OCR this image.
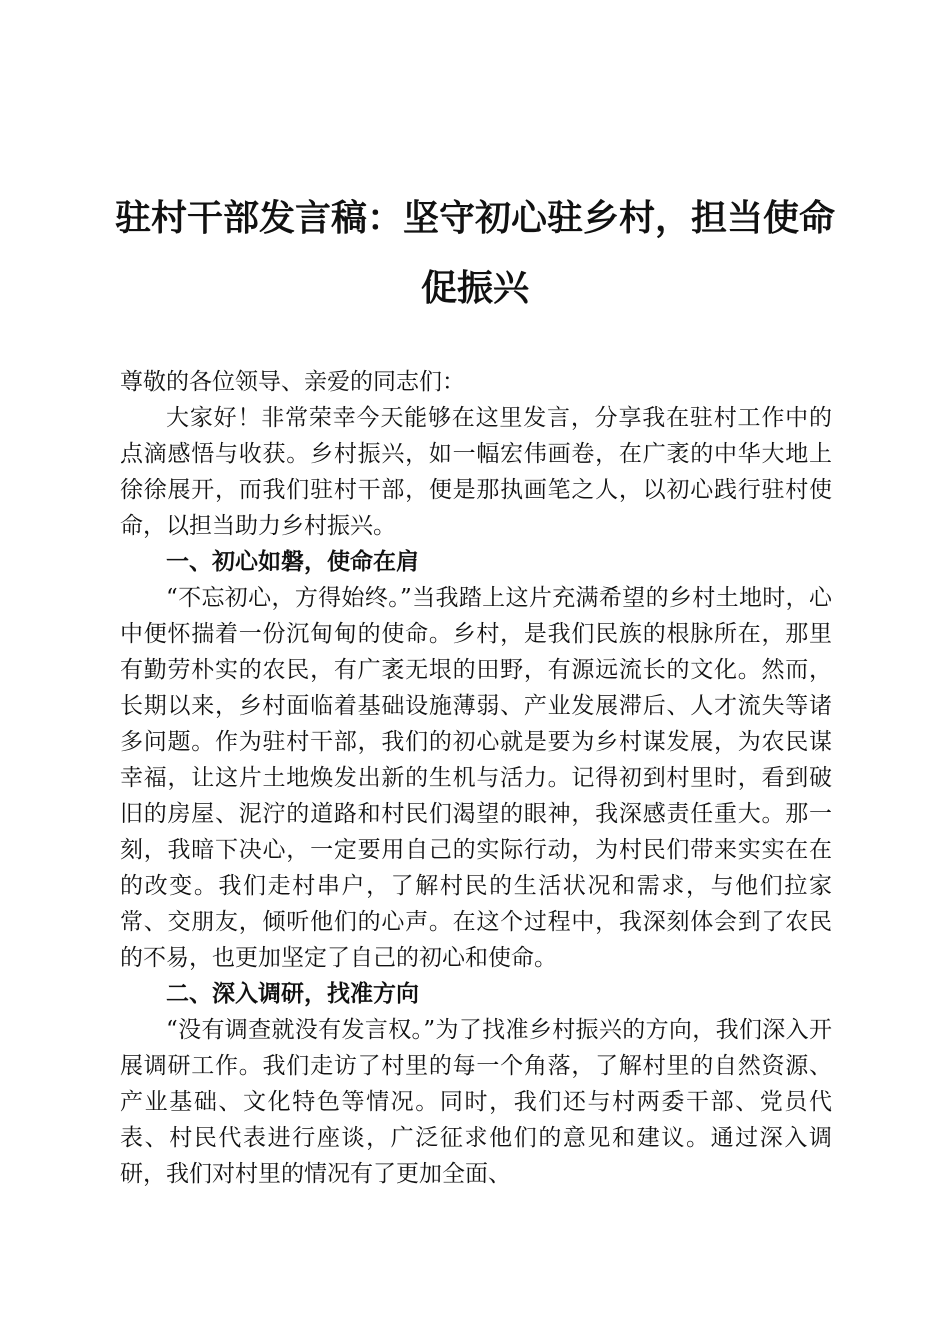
驻村干部发言稿：坚守初心驻乡村，担当使命
促振兴

尊敬的各位领导、亲爱的同志们：

大家好！非常荣幸今天能够在这里发言，分享我在驻村工作中的点滴感悟与收获。乡村振兴，如一幅宏伟画卷，在广袤的中华大地上徐徐展开，而我们驻村干部，便是那执画笔之人，以初心践行驻村使命，以担当助力乡村振兴。

一、初心如磐，使命在肩

“不忘初心，方得始终。”当我踏上这片充满希望的乡村土地时，心中便怀揣着一份沉甸甸的使命。乡村，是我们民族的根脉所在，那里有勤劳朴实的农民，有广袤无垠的田野，有源远流长的文化。然而，长期以来，乡村面临着基础设施薄弱、产业发展滞后、人才流失等诸多问题。作为驻村干部，我们的初心就是要为乡村谋发展，为农民谋幸福，让这片土地焕发出新的生机与活力。记得初到村里时，看到破旧的房屋、泥泞的道路和村民们渴望的眼神，我深感责任重大。那一刻，我暗下决心，一定要用自己的实际行动，为村民们带来实实在在的改变。我们走村串户，了解村民的生活状况和需求，与他们拉家常、交朋友，倾听他们的心声。在这个过程中，我深刻体会到了农民的不易，也更加坚定了自己的初心和使命。

二、深入调研，找准方向

“没有调查就没有发言权。”为了找准乡村振兴的方向，我们深入开展调研工作。我们走访了村里的每一个角落，了解村里的自然资源、产业基础、文化特色等情况。同时，我们还与村两委干部、党员代表、村民代表进行座谈，广泛征求他们的意见和建议。通过深入调研，我们对村里的情况有了更加全面、
